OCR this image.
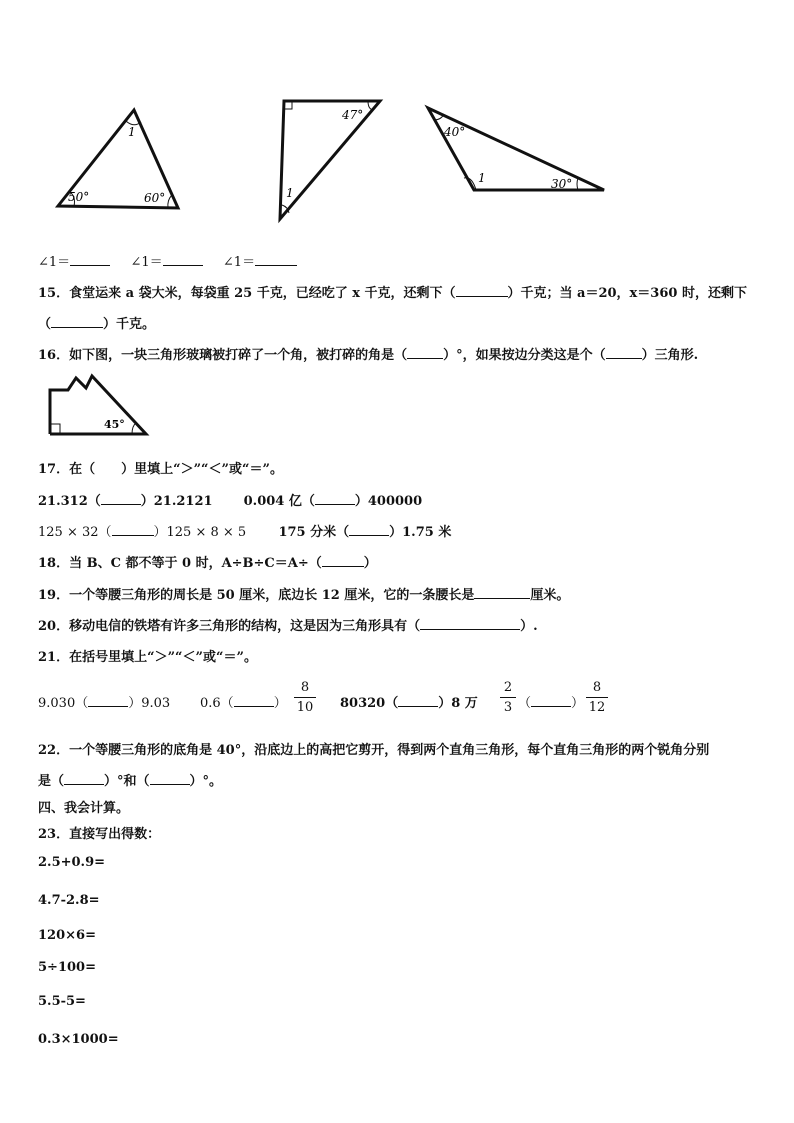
1
50°	60°
47°
1
40°
1	30°
∠1＝	∠1＝	∠1＝
15．食堂运来 a 袋大米，每袋重 25 千克，已经吃了 x 千克，还剩下（	）千克；当 a＝20，x＝360 时，还剩下
（	）千克。
16．如下图，一块三角形玻璃被打碎了一个角，被打碎的角是（	）°，如果按边分类这是个（	）三角形.
45°
17．在（　　）里填上“＞”“＜”或“＝”。
21.312（	）21.2121 0.004 亿（	）400000
125 × 32（	）125 × 8 × 5 175 分米（	）1.75 米
18．当 B、C 都不等于 0 时，A÷B÷C＝A÷（	）
19．一个等腰三角形的周长是 50 厘米，底边长 12 厘米，它的一条腰长是	厘米。
20．移动电信的铁塔有许多三角形的结构，这是因为三角形具有（	）.
21．在括号里填上“＞”“＜”或“＝”。
9.030（	）9.03 0.6（	）
8
10 80320（	）8 万
2
3 （	）
8
12
22．一个等腰三角形的底角是 40°，沿底边上的高把它剪开，得到两个直角三角形，每个直角三角形的两个锐角分别
是（	）°和（	）°。
四、我会计算。
23．直接写出得数：
2.5+0.9=
4.7-2.8=
120×6=
5÷100=
5.5-5=
0.3×1000=
